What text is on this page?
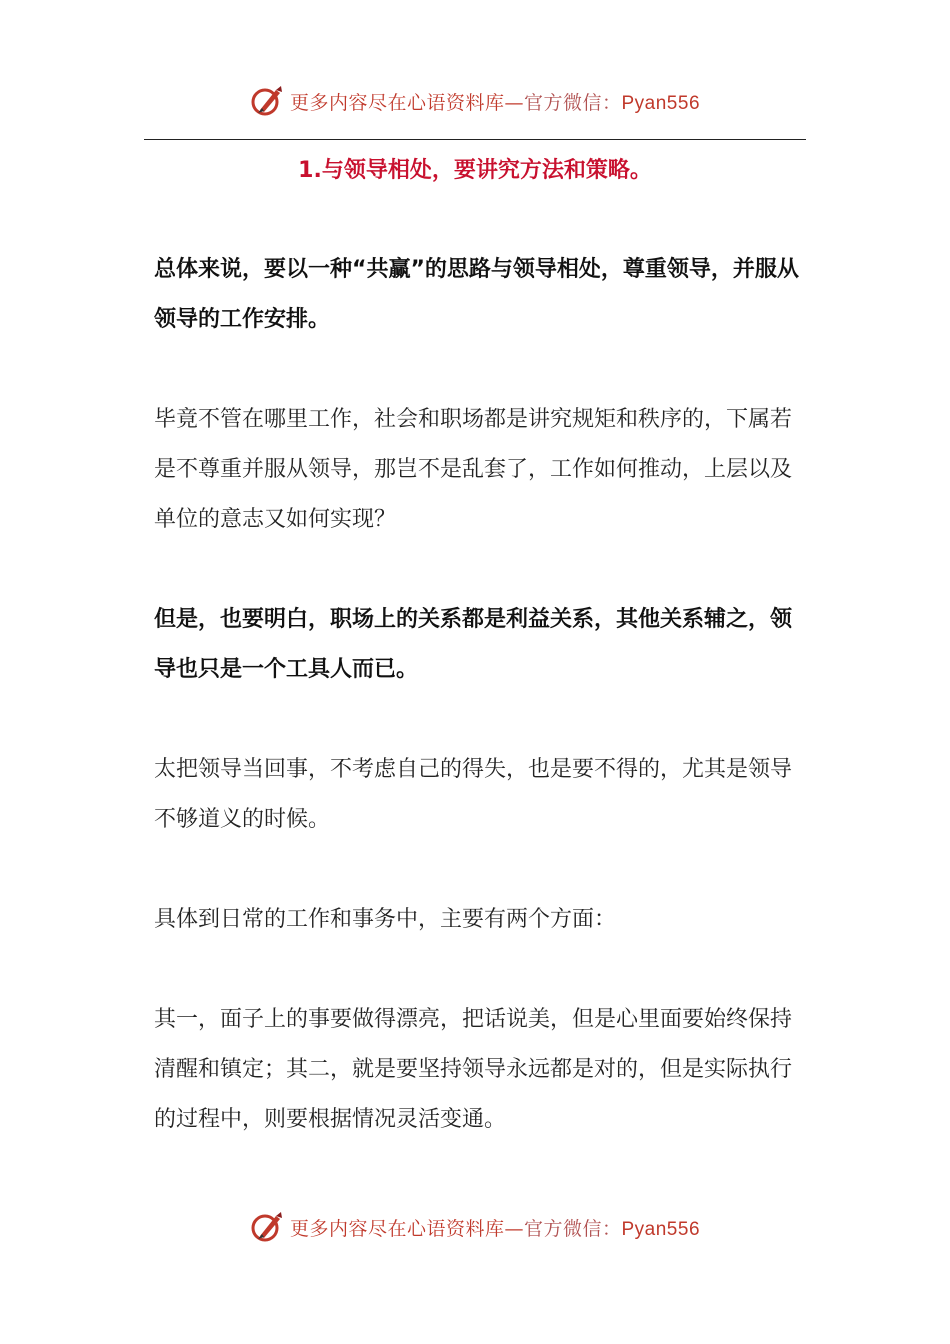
更多内容尽在心语资料库—官方微信：Pyan556
1.与领导相处，要讲究方法和策略。

总体来说，要以一种“共赢”的思路与领导相处，尊重领导，并服从领导的工作安排。

毕竟不管在哪里工作，社会和职场都是讲究规矩和秩序的，下属若是不尊重并服从领导，那岂不是乱套了，工作如何推动，上层以及单位的意志又如何实现？

但是，也要明白，职场上的关系都是利益关系，其他关系辅之，领导也只是一个工具人而已。

太把领导当回事，不考虑自己的得失，也是要不得的，尤其是领导不够道义的时候。

具体到日常的工作和事务中，主要有两个方面：

其一，面子上的事要做得漂亮，把话说美，但是心里面要始终保持清醒和镇定；其二，就是要坚持领导永远都是对的，但是实际执行的过程中，则要根据情况灵活变通。

更多内容尽在心语资料库—官方微信：Pyan556
